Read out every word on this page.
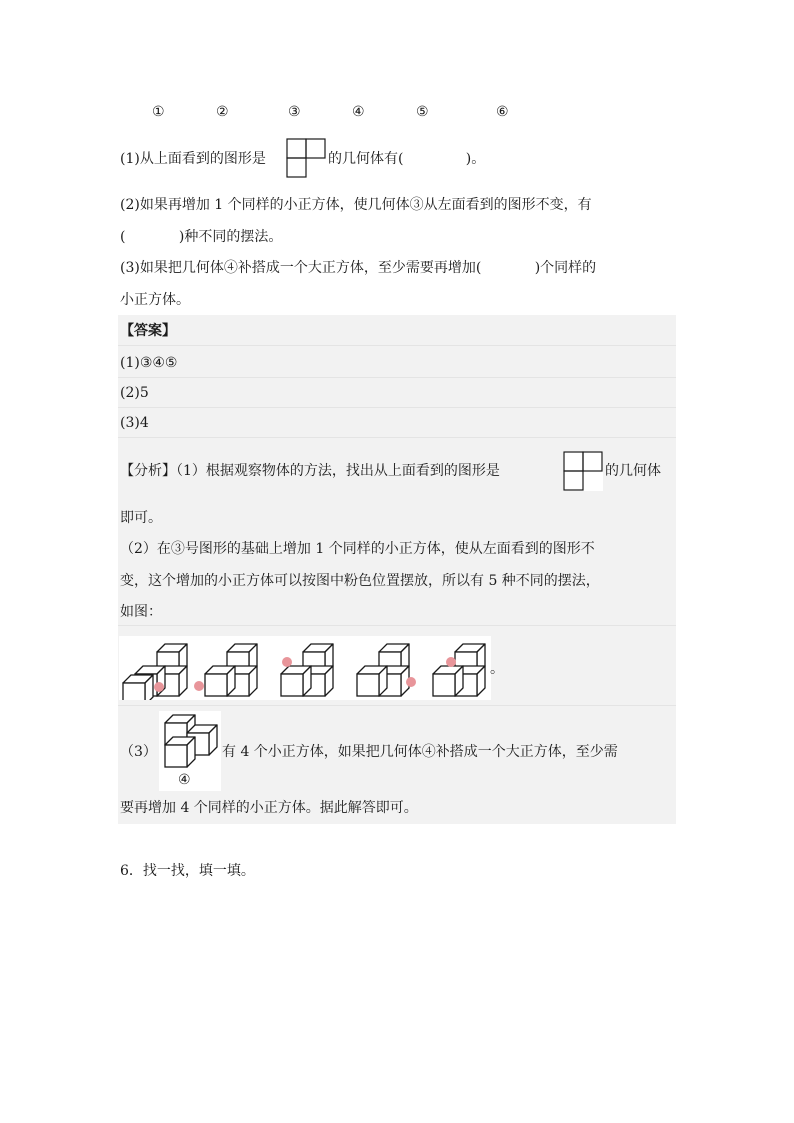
①	②	③	④	⑤	⑥
(1)从上面看到的图形是	的几何体有(	)。
(2)如果再增加 1 个同样的小正方体，使几何体③从左面看到的图形不变，有
(            )种不同的摆法。
(3)如果把几何体④补搭成一个大正方体，至少需要再增加(            )个同样的
小正方体。
【答案】
(1)③④⑤
(2)5
(3)4
【分析】（1）根据观察物体的方法，找出从上面看到的图形是	的几何体
即可。
（2）在③号图形的基础上增加 1 个同样的小正方体，使从左面看到的图形不
变，这个增加的小正方体可以按图中粉色位置摆放，所以有 5 种不同的摆法，
如图：
。
（3）
④
有 4 个小正方体，如果把几何体④补搭成一个大正方体，至少需
要再增加 4 个同样的小正方体。据此解答即可。
6．找一找，填一填。
